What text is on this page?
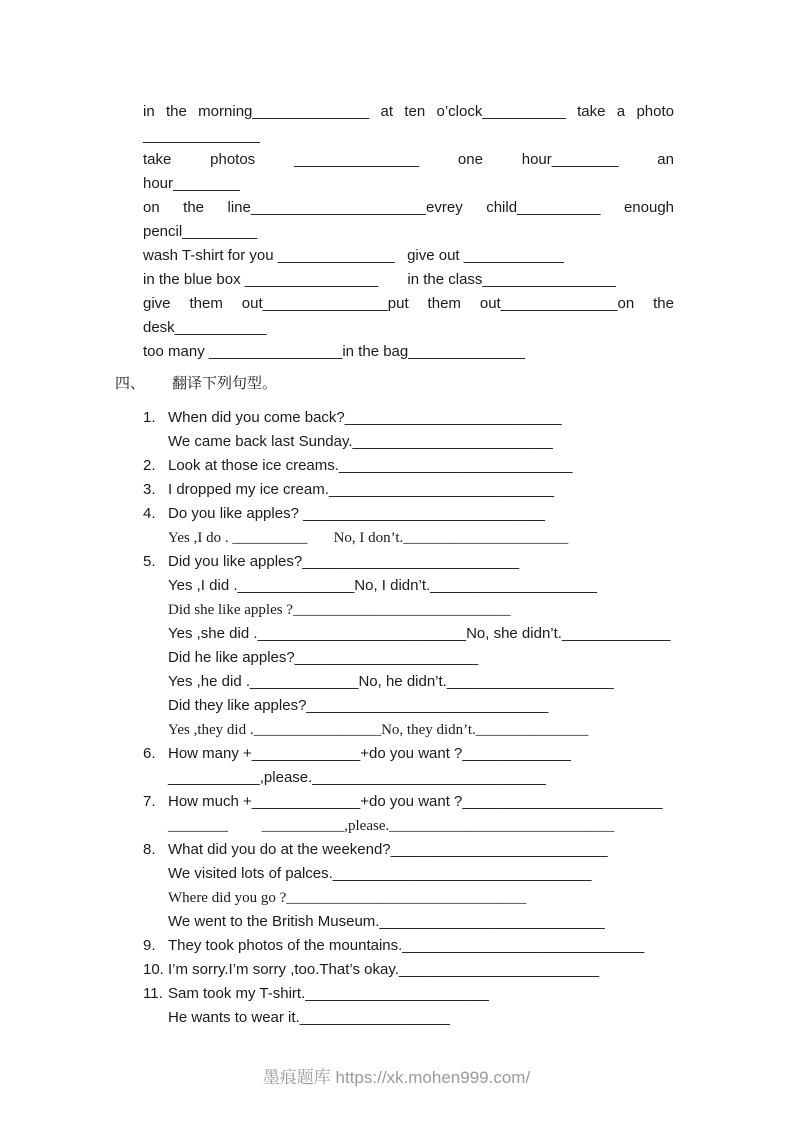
in the morning______________ at ten o’clock__________ take a photo
______________
take photos _______________ one hour________ an
hour________
on the line_____________________evrey child__________ enough
pencil_________
wash T-shirt for you ______________   give out ____________
in the blue box ________________       in the class________________
give them out_______________put them out______________on the
desk___________
too many ________________in the bag______________
四、 翻译下列句型。
1. When did you come back?__________________________
We came back last Sunday.________________________
2. Look at those ice creams.____________________________
3. I dropped my ice cream.___________________________
4. Do you like apples? _____________________________
Yes ,I do . __________       No, I don’t.______________________
5. Did you like apples?__________________________
Yes ,I did .______________No, I didn’t.____________________
Did she like apples ?_____________________________
Yes ,she did ._________________________No, she didn’t._____________
Did he like apples?______________________
Yes ,he did ._____________No, he didn’t.____________________
Did they like apples?_____________________________
Yes ,they did ._________________No, they didn’t._______________
6. How many +_____________+do you want ?_____________
___________,please.____________________________
7. How much +_____________+do you want ?________________________
________         ___________,please.______________________________
8. What did you do at the weekend?__________________________
We visited lots of palces._______________________________
Where did you go ?________________________________
We went to the British Museum.___________________________
9. They took photos of the mountains._____________________________
10. I’m sorry.I’m sorry ,too.That’s okay.________________________
11. Sam took my T-shirt.______________________
He wants to wear it.__________________
墨痕题库 https://xk.mohen999.com/
